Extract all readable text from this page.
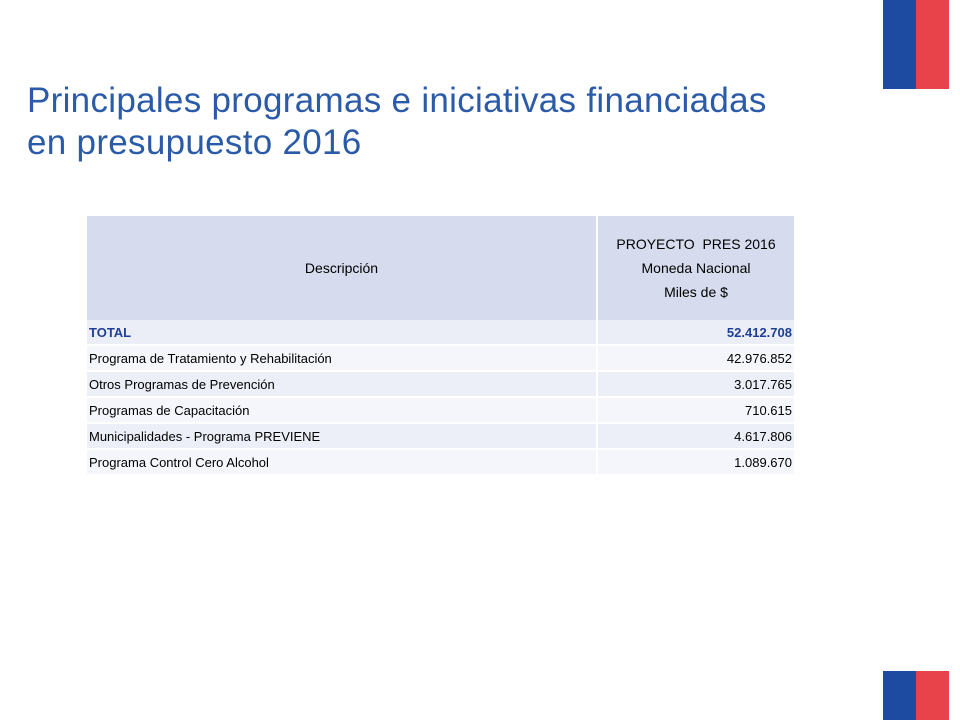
Principales programas e iniciativas financiadas
en presupuesto 2016
Descripción	PROYECTO  PRES 2016
Moneda Nacional
Miles de $

TOTAL	52.412.708
Programa de Tratamiento y Rehabilitación	42.976.852
Otros Programas de Prevención	3.017.765
Programas de Capacitación	710.615
Municipalidades - Programa PREVIENE	4.617.806
Programa Control Cero Alcohol	1.089.670
